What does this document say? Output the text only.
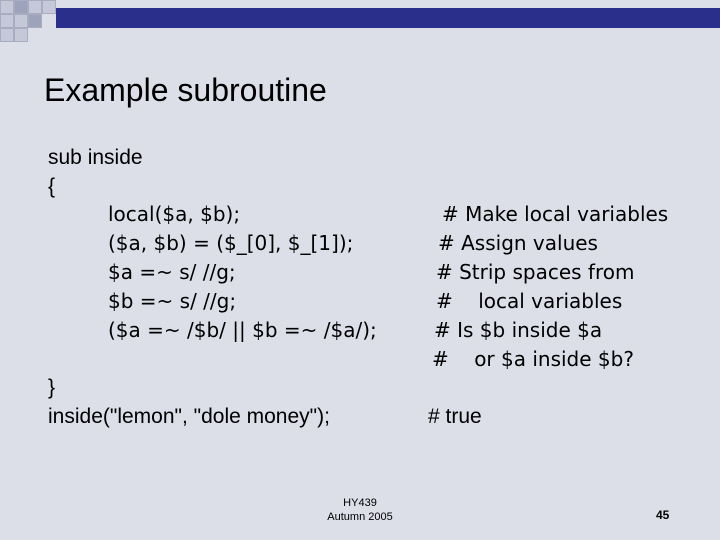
Example subroutine
sub inside
{
local($a, $b);
($a, $b) = ($_[0], $_[1]);
$a =~ s/ //g;
$b =~ s/ //g;
($a =~ /$b/ || $b =~ /$a/);
}
inside("lemon", "dole money");
# Make local variables
# Assign values
# Strip spaces from
#    local variables
# Is $b inside $a
#    or $a inside $b?
# true
HY439
Autumn 2005	45
